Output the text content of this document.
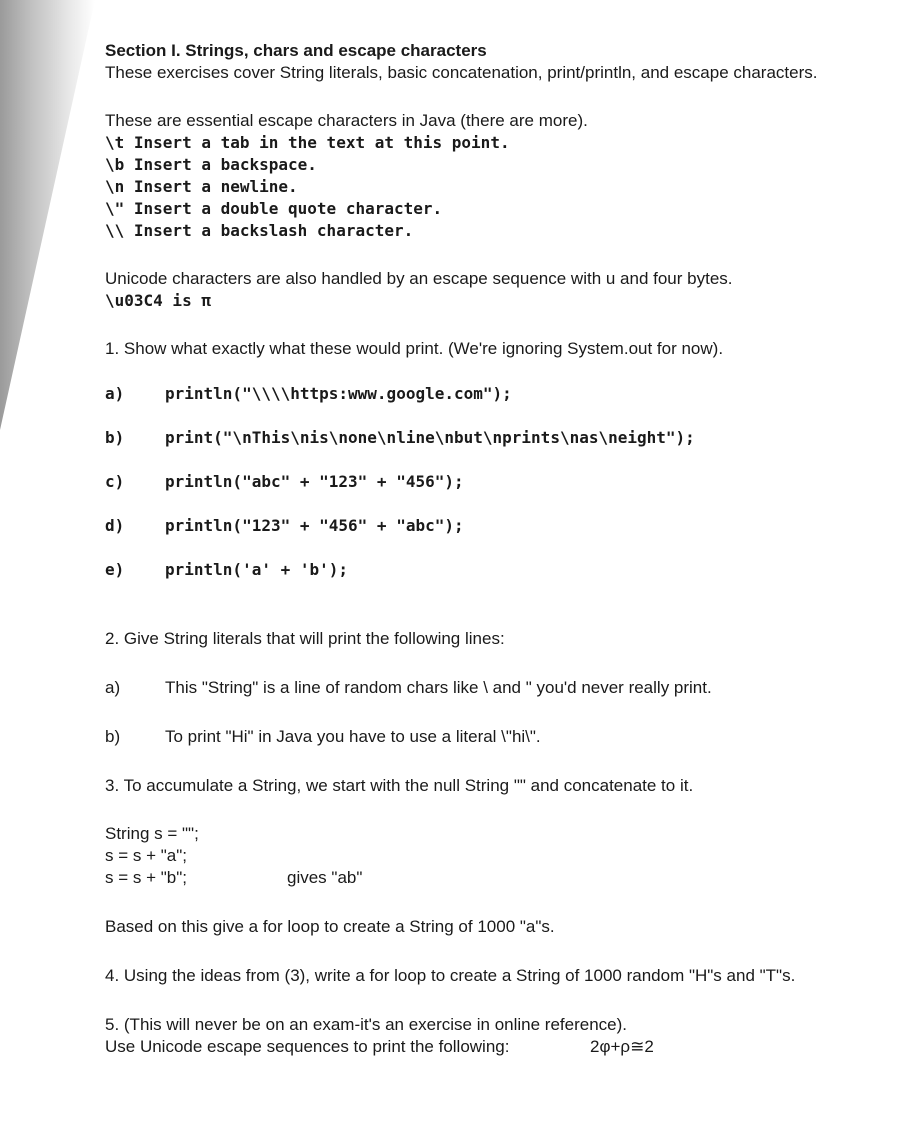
Section I. Strings, chars and escape characters
These exercises cover String literals, basic concatenation, print/println, and escape characters.
These are essential escape characters in Java (there are more).
\t Insert a tab in the text at this point.
\b Insert a backspace.
\n Insert a newline.
\" Insert a double quote character.
\\ Insert a backslash character.
Unicode characters are also handled by an escape sequence with u and four bytes.
\u03C4 is π
1. Show what exactly what these would print. (We're ignoring System.out for now).
a)	println("\\\\https:www.google.com");
b)	print("\nThis\nis\none\nline\nbut\nprints\nas\neight");
c)	println("abc" + "123" + "456");
d)	println("123" + "456" + "abc");
e)	println('a' + 'b');
2. Give String literals that will print the following lines:
a)	This "String" is a line of random chars like \ and " you'd never really print.
b)	To print "Hi" in Java you have to use a literal \"hi\".
3. To accumulate a String, we start with the null String "" and concatenate to it.
String s = "";
s = s + "a";
s = s + "b";	gives "ab"
Based on this give a for loop to create a String of 1000 "a"s.
4. Using the ideas from (3), write a for loop to create a String of 1000 random "H"s and "T"s.
5. (This will never be on an exam-it's an exercise in online reference).
Use Unicode escape sequences to print the following:	2φ+ρ≅2
